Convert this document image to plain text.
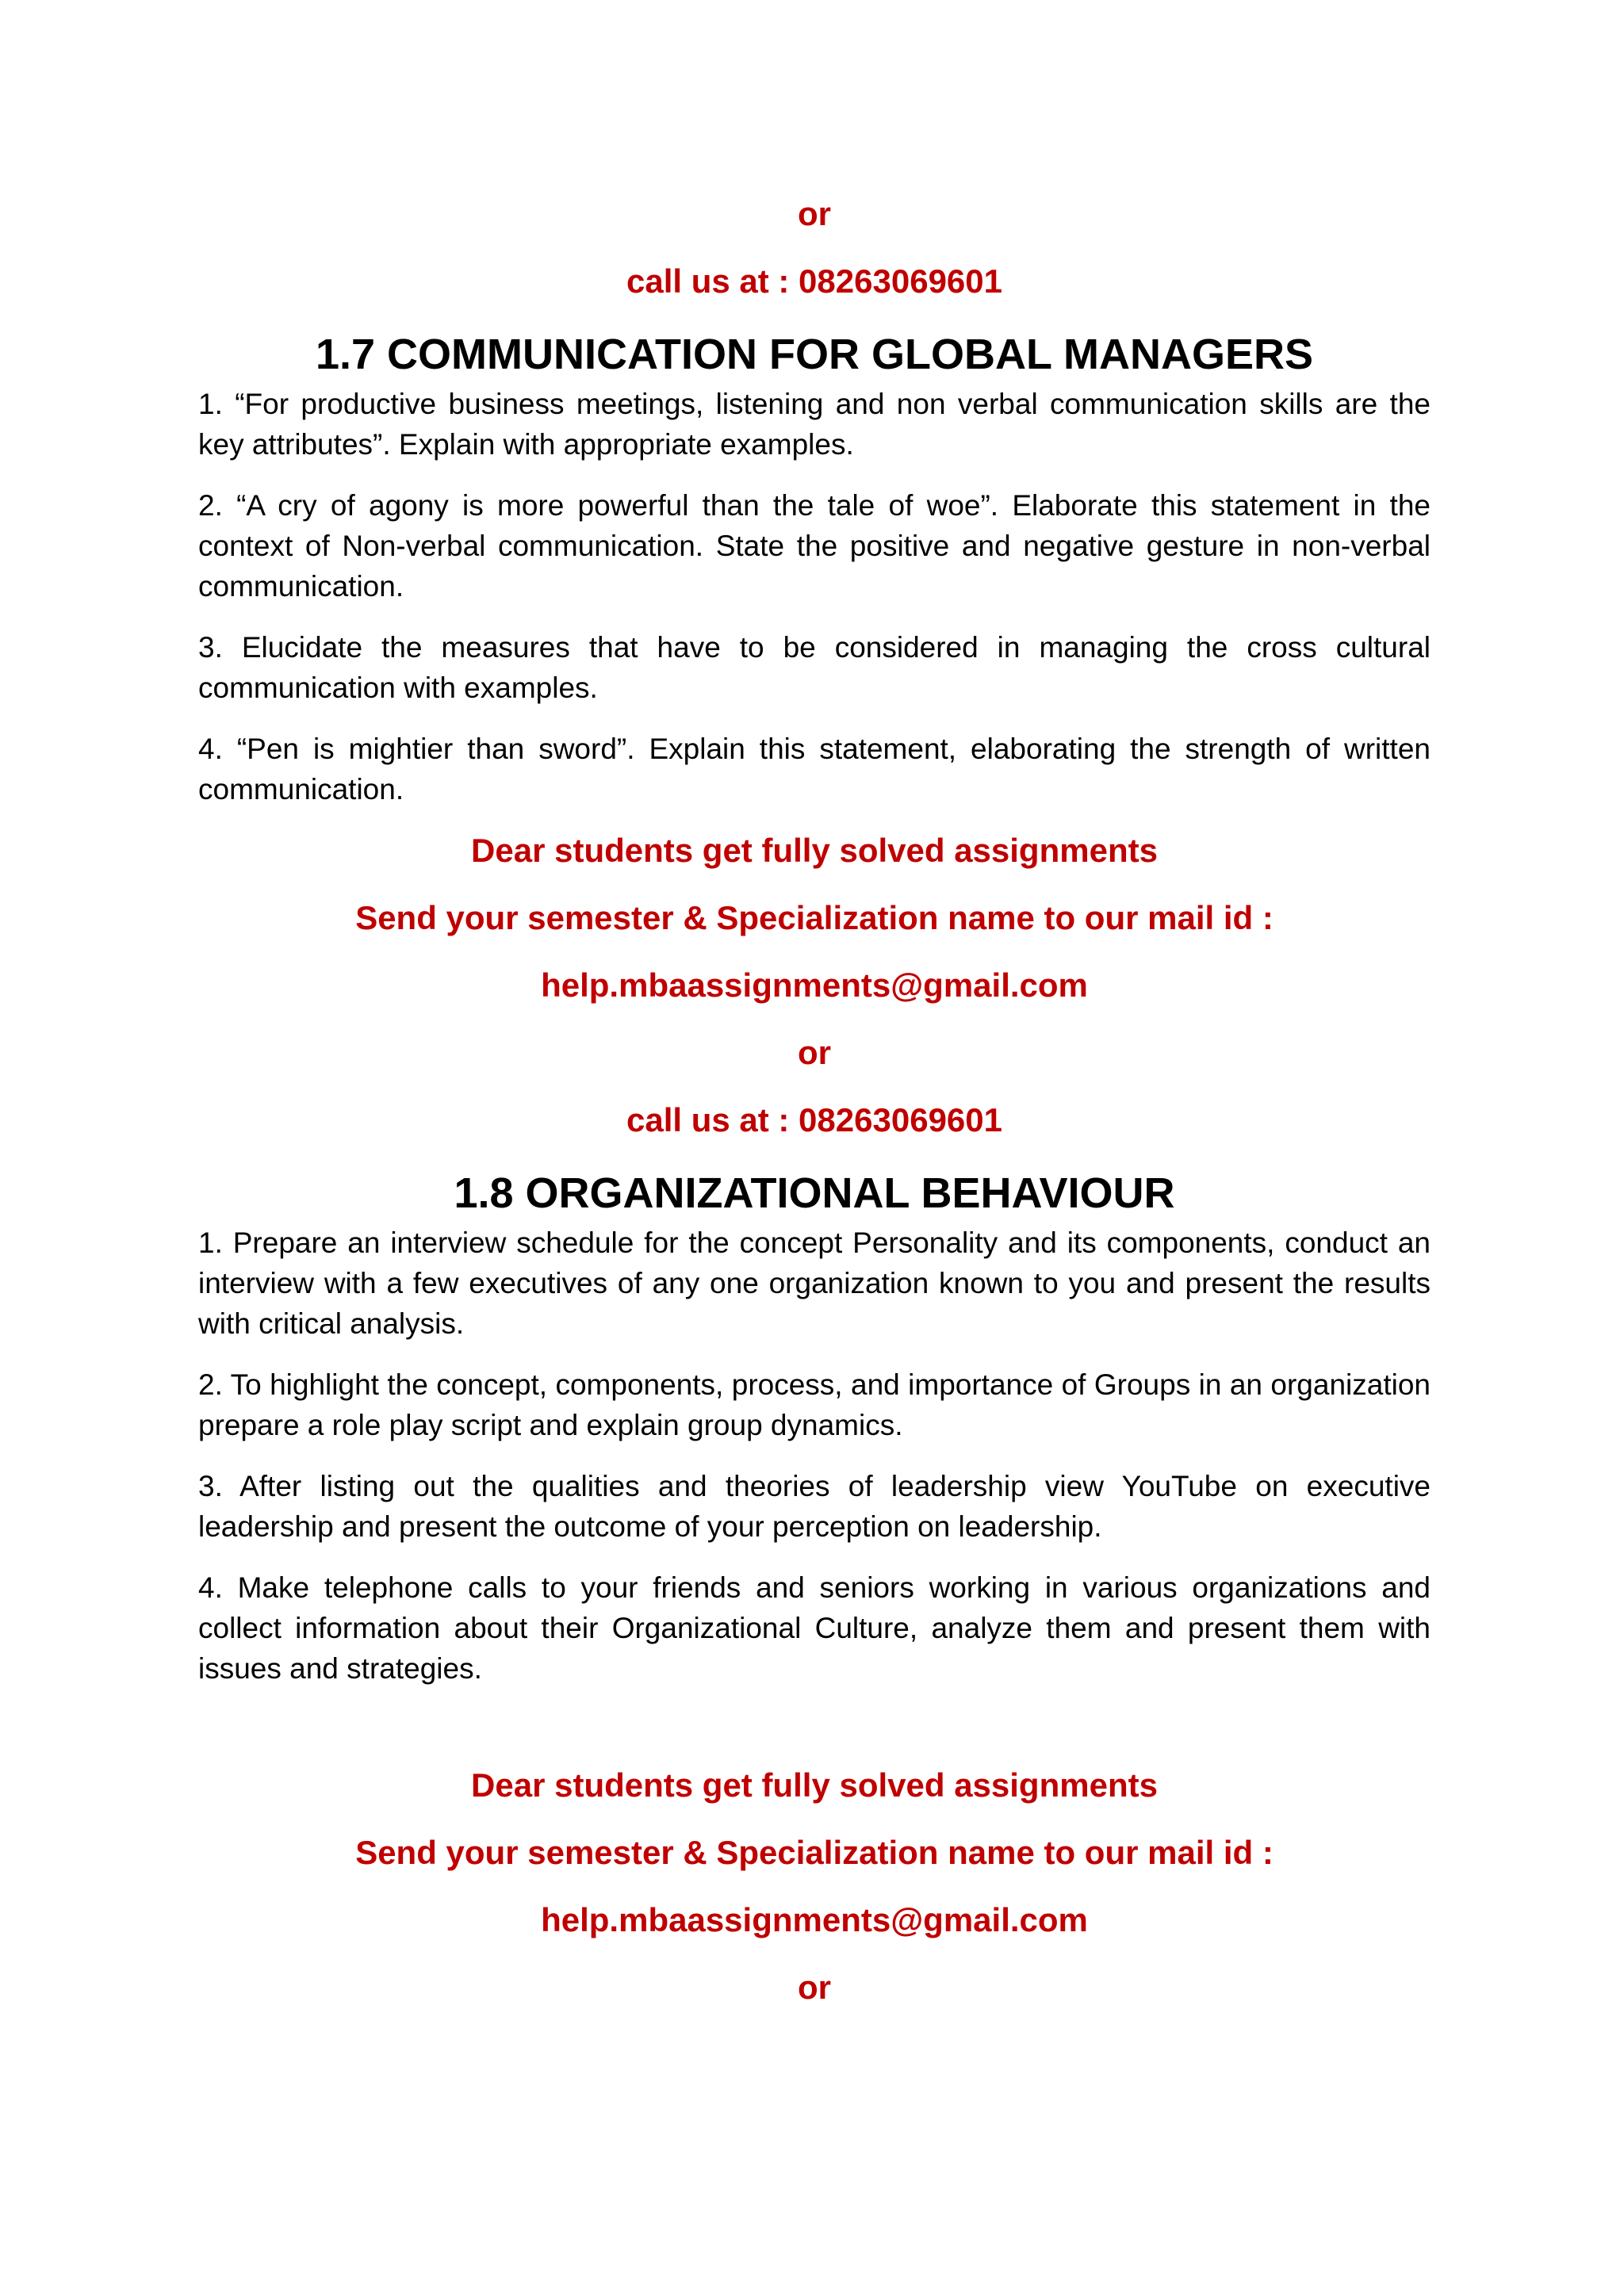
or
call us at : 08263069601
1.7 COMMUNICATION FOR GLOBAL MANAGERS

1. “For productive business meetings, listening and non verbal communication skills are the key attributes”. Explain with appropriate examples.

2. “A cry of agony is more powerful than the tale of woe”. Elaborate this statement in the context of Non-verbal communication. State the positive and negative gesture in non-verbal communication.

3. Elucidate the measures that have to be considered in managing the cross cultural communication with examples.

4. “Pen is mightier than sword”. Explain this statement, elaborating the strength of written communication.

Dear students get fully solved assignments
Send your semester & Specialization name to our mail id :
help.mbaassignments@gmail.com
or
call us at : 08263069601
1.8 ORGANIZATIONAL BEHAVIOUR

1. Prepare an interview schedule for the concept Personality and its components, conduct an interview with a few executives of any one organization known to you and present the results with critical analysis.

2. To highlight the concept, components, process, and importance of Groups in an organization prepare a role play script and explain group dynamics.

3. After listing out the qualities and theories of leadership view YouTube on executive leadership and present the outcome of your perception on leadership.

4. Make telephone calls to your friends and seniors working in various organizations and collect information about their Organizational Culture, analyze them and present them with issues and strategies.

Dear students get fully solved assignments
Send your semester & Specialization name to our mail id :
help.mbaassignments@gmail.com
or
